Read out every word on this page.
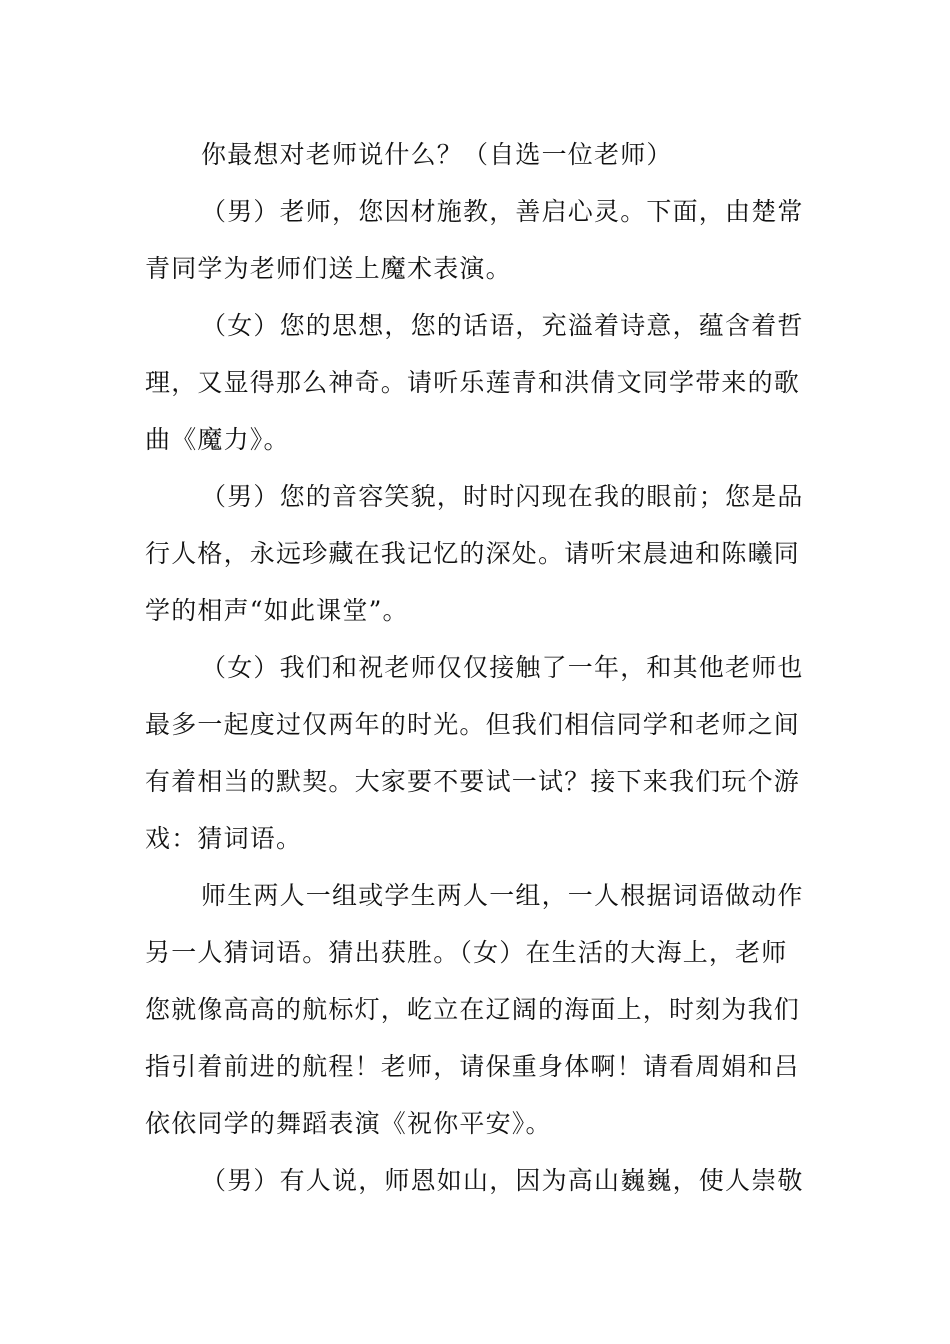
你最想对老师说什么？（自选一位老师）
（男）老师，您因材施教，善启心灵。下面，由楚常
青同学为老师们送上魔术表演。
（女）您的思想，您的话语，充溢着诗意，蕴含着哲
理，又显得那么神奇。请听乐莲青和洪倩文同学带来的歌
曲《魔力》。
（男）您的音容笑貌，时时闪现在我的眼前；您是品
行人格，永远珍藏在我记忆的深处。请听宋晨迪和陈曦同
学的相声“如此课堂”。
（女）我们和祝老师仅仅接触了一年，和其他老师也
最多一起度过仅两年的时光。但我们相信同学和老师之间
有着相当的默契。大家要不要试一试？接下来我们玩个游
戏：猜词语。
师生两人一组或学生两人一组，一人根据词语做动作
另一人猜词语。猜出获胜。（女）在生活的大海上，老师
您就像高高的航标灯，屹立在辽阔的海面上，时刻为我们
指引着前进的航程！老师，请保重身体啊！请看周娟和吕
依依同学的舞蹈表演《祝你平安》。
（男）有人说，师恩如山，因为高山巍巍，使人崇敬
